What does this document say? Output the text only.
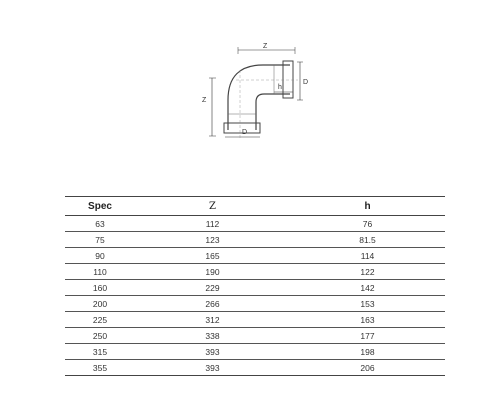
Z
Z
D
h
D
Spec	Z	h
63	112	76
75	123	81.5
90	165	114
110	190	122
160	229	142
200	266	153
225	312	163
250	338	177
315	393	198
355	393	206
